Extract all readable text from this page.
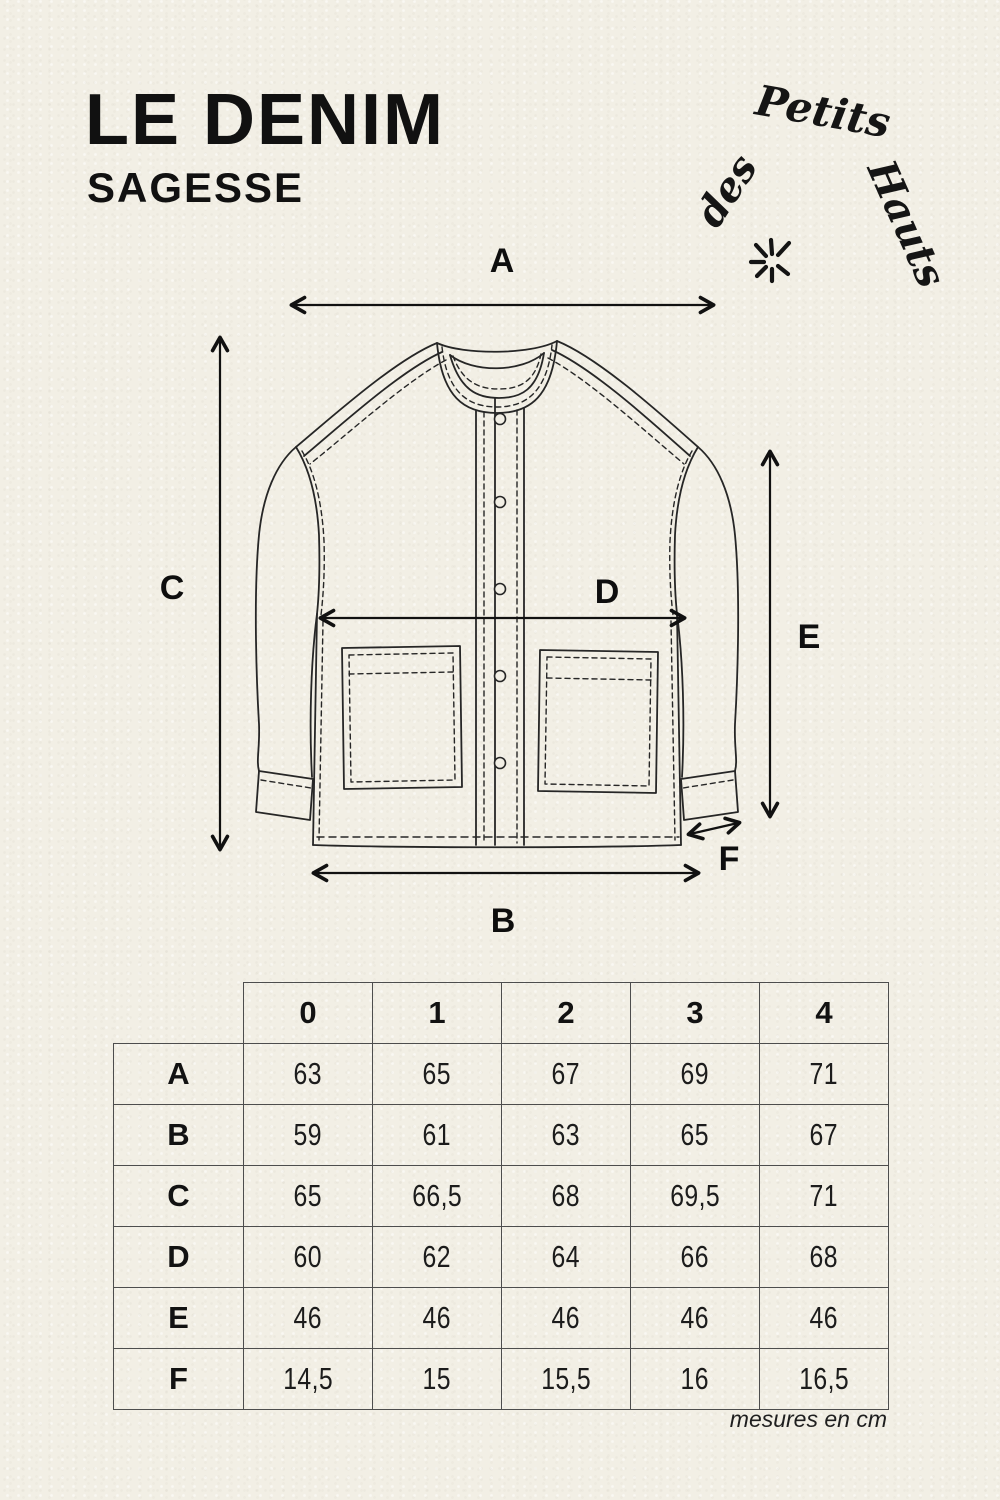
LE DENIM
SAGESSE	des
Petits
Hauts
A
B
C	D
E
F
	0	1	2	3	4
A	63	65	67	69	71
B	59	61	63	65	67
C	65	66,5	68	69,5	71
D	60	62	64	66	68
E	46	46	46	46	46
F	14,5	15	15,5	16	16,5
mesures en cm
